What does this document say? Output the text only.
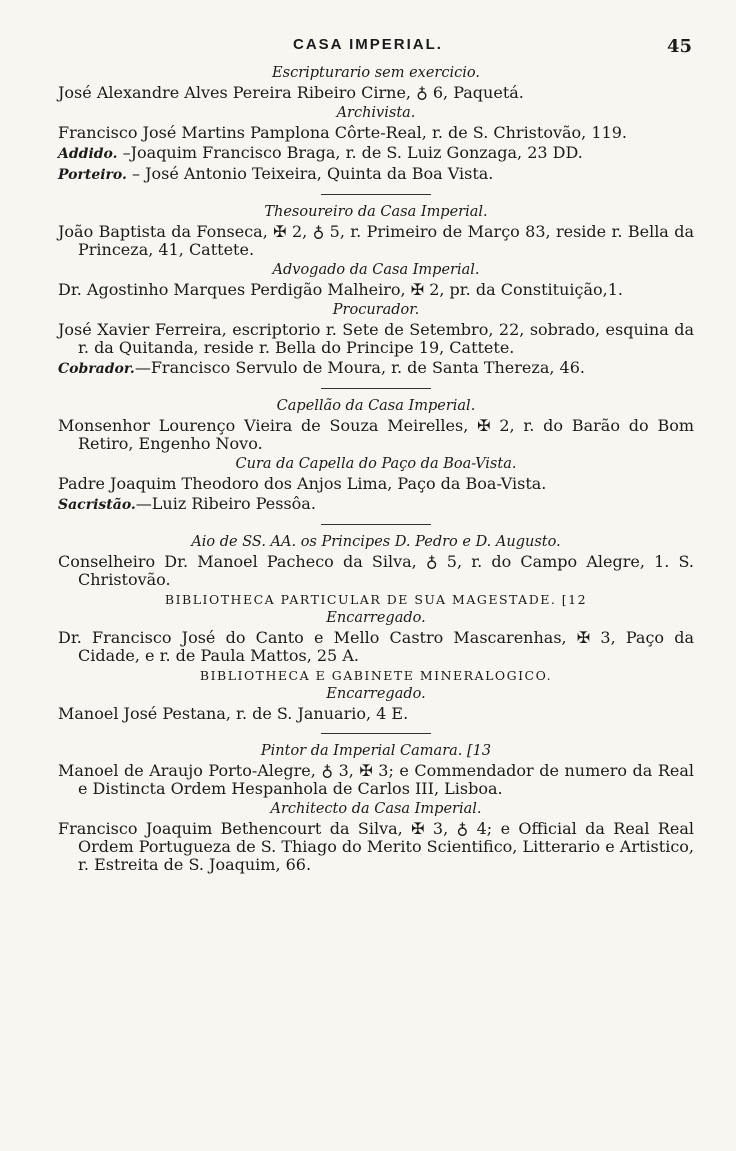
CASA IMPERIAL.	45

Escripturario sem exercicio.

José Alexandre Alves Pereira Ribeiro Cirne, ♁ 6, Paquetá.

Archivista.

Francisco José Martins Pamplona Côrte-Real, r. de S. Christovão, 119.

Addido. –Joaquim Francisco Braga, r. de S. Luiz Gonzaga, 23 DD.

Porteiro. – José Antonio Teixeira, Quinta da Boa Vista.

Thesoureiro da Casa Imperial.

João Baptista da Fonseca, ✠ 2, ♁ 5, r. Primeiro de Março 83, reside r. Bella da Princeza, 41, Cattete.

Advogado da Casa Imperial.

Dr. Agostinho Marques Perdigão Malheiro, ✠ 2, pr. da Constituição,1.

Procurador.

José Xavier Ferreira, escriptorio r. Sete de Setembro, 22, sobrado, esquina da r. da Quitanda, reside r. Bella do Principe 19, Cattete.

Cobrador.—Francisco Servulo de Moura, r. de Santa Thereza, 46.

Capellão da Casa Imperial.

Monsenhor Lourenço Vieira de Souza Meirelles, ✠ 2, r. do Barão do Bom Retiro, Engenho Novo.

Cura da Capella do Paço da Boa-Vista.

Padre Joaquim Theodoro dos Anjos Lima, Paço da Boa-Vista.

Sacristão.—Luiz Ribeiro Pessôa.

Aio de SS. AA. os Principes D. Pedro e D. Augusto.

Conselheiro Dr. Manoel Pacheco da Silva, ♁ 5, r. do Campo Alegre, 1. S. Christovão.

BIBLIOTHECA PARTICULAR DE SUA MAGESTADE. [12

Encarregado.

Dr. Francisco José do Canto e Mello Castro Mascarenhas, ✠ 3, Paço da Cidade, e r. de Paula Mattos, 25 A.

BIBLIOTHECA E GABINETE MINERALOGICO.

Encarregado.

Manoel José Pestana, r. de S. Januario, 4 E.

Pintor da Imperial Camara. [13

Manoel de Araujo Porto-Alegre, ♁ 3, ✠ 3; e Commendador de numero da Real e Distincta Ordem Hespanhola de Carlos III, Lisboa.

Architecto da Casa Imperial.

Francisco Joaquim Bethencourt da Silva, ✠ 3, ♁ 4; e Official da Real Real Ordem Portugueza de S. Thiago do Merito Scientifico, Litterario e Artistico, r. Estreita de S. Joaquim, 66.
